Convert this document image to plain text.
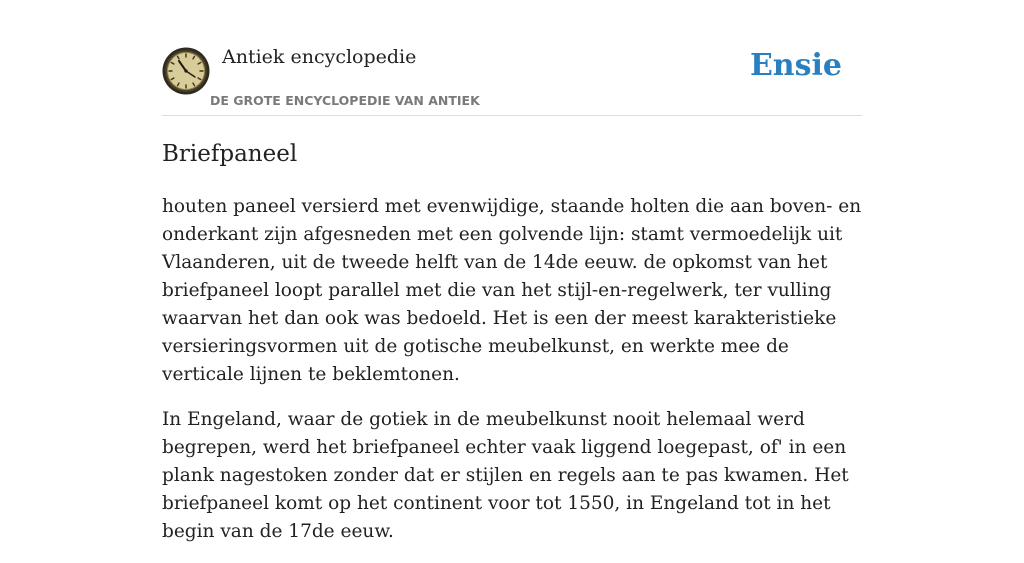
Antiek encyclopedie
DE GROTE ENCYCLOPEDIE VAN ANTIEK
Ensie
Briefpaneel

houten paneel versierd met evenwijdige, staande holten die aan boven- en onderkant zijn afgesneden met een golvende lijn: stamt vermoedelijk uit Vlaanderen, uit de tweede helft van de 14de eeuw. de opkomst van het briefpaneel loopt parallel met die van het stijl-en-regelwerk, ter vulling waarvan het dan ook was bedoeld. Het is een der meest karakteristieke versieringsvormen uit de gotische meubelkunst, en werkte mee de verticale lijnen te beklemtonen.

In Engeland, waar de gotiek in de meubelkunst nooit helemaal werd begrepen, werd het briefpaneel echter vaak liggend loegepast, of' in een plank nagestoken zonder dat er stijlen en regels aan te pas kwamen. Het briefpaneel komt op het continent voor tot 1550, in Engeland tot in het begin van de 17de eeuw.
